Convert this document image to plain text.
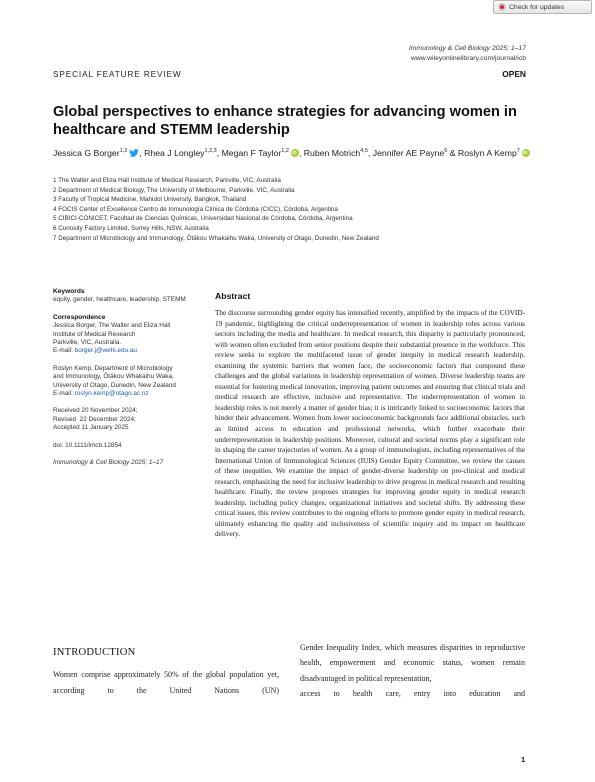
Check for updates
Immunology & Cell Biology 2025; 1–17
www.wileyonlinelibrary.com/journal/icb
SPECIAL FEATURE REVIEW	OPEN
Global perspectives to enhance strategies for advancing women in healthcare and STEMM leadership
Jessica G Borger$^{1,2}$ , Rhea J Longley$^{1,2,3}$, Megan F Taylor$^{1,2}$iD , Ruben Motrich$^{4,5}$, Jennifer AE Payne$^6$ & Roslyn A Kemp$^7$iD
1 The Walter and Eliza Hall Institute of Medical Research, Parkville, VIC, Australia
2 Department of Medical Biology, The University of Melbourne, Parkville, VIC, Australia
3 Faculty of Tropical Medicine, Mahidol University, Bangkok, Thailand
4 FOCIS Center of Excellence Centro de Inmunología Clínica de Córdoba (CICC), Córdoba, Argentina
5 CIBICI-CONICET. Facultad de Ciencias Químicas, Universidad Nacional de Córdoba, Córdoba, Argentina
6 Curiosity Factory Limited, Surrey Hills, NSW, Australia
7 Department of Microbiology and Immunology, Ōtākou Whakaihu Waka, University of Otago, Dunedin, New Zealand
Keywords
equity, gender, healthcare, leadership, STEMM
Correspondence
Jessica Borger, The Walter and Eliza Hall
Institute of Medical Research
Parkville, VIC, Australia.
E-mail: borger.j@wehi.edu.au
Roslyn Kemp, Department of Microbiology
and Immunology, Ōtākou Whakaihu Waka,
University of Otago, Dunedin, New Zealand
E-mail: roslyn.kemp@otago.ac.nz
Received 20 November 2024;
Revised  22 December 2024;
Accepted 11 January 2025
doi: 10.1111/imcb.12854
Immunology & Cell Biology 2025; 1–17
Abstract
The discourse surrounding gender equity has intensified recently, amplified by the impacts of the COVID-19 pandemic, highlighting the critical underrepresentation of women in leadership roles across various sectors including the media and healthcare. In medical research, this disparity is particularly pronounced, with women often excluded from senior positions despite their substantial presence in the workforce. This review seeks to explore the multifaceted issue of gender inequity in medical research leadership, examining the systemic barriers that women face, the socioeconomic factors that compound these challenges and the global variations in leadership representation of women. Diverse leadership teams are essential for fostering medical innovation, improving patient outcomes and ensuring that clinical trials and medical research are effective, inclusive and representative. The underrepresentation of women in leadership roles is not merely a matter of gender bias; it is intricately linked to socioeconomic factors that hinder their advancement. Women from lower socioeconomic backgrounds face additional obstacles, such as limited access to education and professional networks, which further exacerbate their underrepresentation in leadership positions. Moreover, cultural and societal norms play a significant role in shaping the career trajectories of women. As a group of immunologists, including representatives of the International Union of Immunological Sciences (IUIS) Gender Equity Committee, we review the causes of these inequities. We examine the impact of gender-diverse leadership on pre-clinical and medical research, emphasizing the need for inclusive leadership to drive progress in medical research and resulting healthcare. Finally, the review proposes strategies for improving gender equity in medical research leadership, including policy changes, organizational initiatives and societal shifts. By addressing these critical issues, this review contributes to the ongoing efforts to promote gender equity in medical research, ultimately enhancing the quality and inclusiveness of scientific inquiry and its impact on healthcare delivery.
INTRODUCTION
Women comprise approximately 50% of the global population yet, according to the United Nations (UN)
Gender Inequality Index, which measures disparities in reproductive health, empowerment and economic status, women remain disadvantaged in political representation,
access to health care, entry into education and
1
